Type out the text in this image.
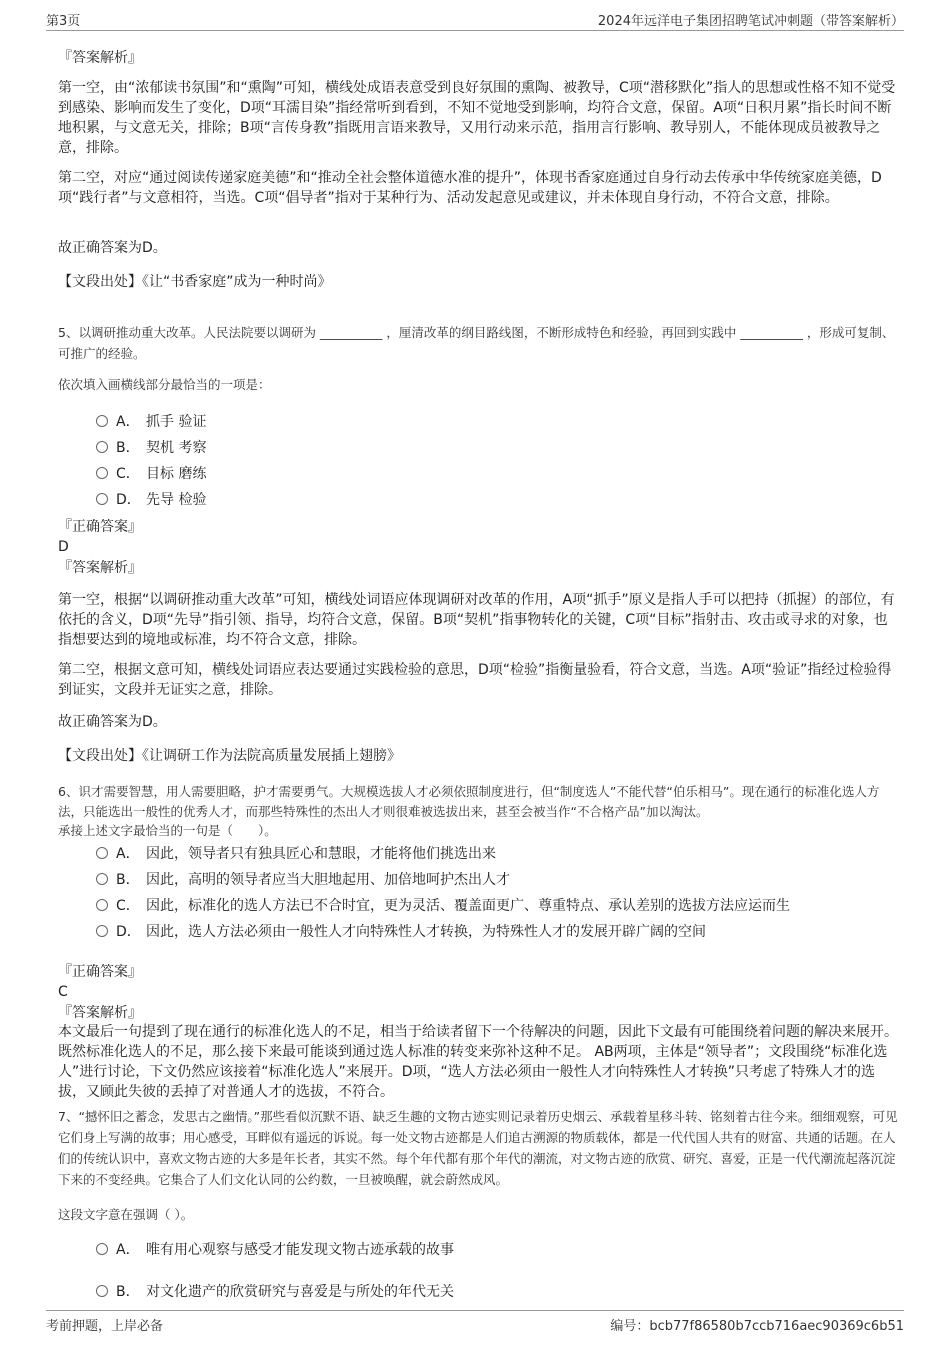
第3页	2024年远洋电子集团招聘笔试冲刺题（带答案解析）
『答案解析』
第一空，由“浓郁读书氛围”和“熏陶”可知，横线处成语表意受到良好氛围的熏陶、被教导，C项“潜移默化”指人的思想或性格不知不觉受到感染、影响而发生了变化，D项“耳濡目染”指经常听到看到，不知不觉地受到影响，均符合文意，保留。A项“日积月累”指长时间不断地积累，与文意无关，排除；B项“言传身教”指既用言语来教导，又用行动来示范，指用言行影响、教导别人，不能体现成员被教导之意，排除。
第二空，对应“通过阅读传递家庭美德”和“推动全社会整体道德水准的提升”，体现书香家庭通过自身行动去传承中华传统家庭美德，D项“践行者”与文意相符，当选。C项“倡导者”指对于某种行为、活动发起意见或建议，并未体现自身行动，不符合文意，排除。
故正确答案为D。
【文段出处】《让“书香家庭”成为一种时尚》
5、以调研推动重大改革。人民法院要以调研为 __________ ，厘清改革的纲目路线图，不断形成特色和经验，再回到实践中 __________ ，形成可复制、可推广的经验。
依次填入画横线部分最恰当的一项是：
A． 抓手 验证
B． 契机 考察
C． 目标 磨练
D． 先导 检验
『正确答案』
D
『答案解析』
第一空，根据“以调研推动重大改革”可知，横线处词语应体现调研对改革的作用，A项“抓手”原义是指人手可以把持（抓握）的部位，有依托的含义，D项“先导”指引领、指导，均符合文意，保留。B项“契机”指事物转化的关键，C项“目标”指射击、攻击或寻求的对象，也指想要达到的境地或标准，均不符合文意，排除。
第二空，根据文意可知，横线处词语应表达要通过实践检验的意思，D项“检验”指衡量验看，符合文意，当选。A项“验证”指经过检验得到证实，文段并无证实之意，排除。
故正确答案为D。
【文段出处】《让调研工作为法院高质量发展插上翅膀》
6、识才需要智慧，用人需要胆略，护才需要勇气。大规模选拔人才必须依照制度进行，但“制度选人”不能代替“伯乐相马”。现在通行的标准化选人方法，只能选出一般性的优秀人才，而那些特殊性的杰出人才则很难被选拔出来，甚至会被当作“不合格产品”加以淘汰。
承接上述文字最恰当的一句是（　　）。
A． 因此，领导者只有独具匠心和慧眼，才能将他们挑选出来
B． 因此，高明的领导者应当大胆地起用、加倍地呵护杰出人才
C． 因此，标准化的选人方法已不合时宜，更为灵活、覆盖面更广、尊重特点、承认差别的选拔方法应运而生
D． 因此，选人方法必须由一般性人才向特殊性人才转换，为特殊性人才的发展开辟广阔的空间
『正确答案』
C
『答案解析』
本文最后一句提到了现在通行的标准化选人的不足，相当于给读者留下一个待解决的问题，因此下文最有可能围绕着问题的解决来展开。既然标准化选人的不足，那么接下来最可能谈到通过选人标准的转变来弥补这种不足。 AB两项，主体是“领导者”；文段围绕“标准化选人”进行讨论，下文仍然应该接着“标准化选人”来展开。D项，“选人方法必须由一般性人才向特殊性人才转换”只考虑了特殊人才的选拔，又顾此失彼的丢掉了对普通人才的选拔，不符合。
7、“撼怀旧之蓄念，发思古之幽情。”那些看似沉默不语、缺乏生趣的文物古迹实则记录着历史烟云、承载着星移斗转、铭刻着古往今来。细细观察，可见它们身上写满的故事；用心感受，耳畔似有遥远的诉说。每一处文物古迹都是人们追古溯源的物质载体，都是一代代国人共有的财富、共通的话题。在人们的传统认识中，喜欢文物古迹的大多是年长者，其实不然。每个年代都有那个年代的潮流，对文物古迹的欣赏、研究、喜爱，正是一代代潮流起落沉淀下来的不变经典。它集合了人们文化认同的公约数，一旦被唤醒，就会蔚然成风。
这段文字意在强调（ ）。
A． 唯有用心观察与感受才能发现文物古迹承载的故事
B． 对文化遗产的欣赏研究与喜爱是与所处的年代无关
考前押题，上岸必备	编号：bcb77f86580b7ccb716aec90369c6b51
